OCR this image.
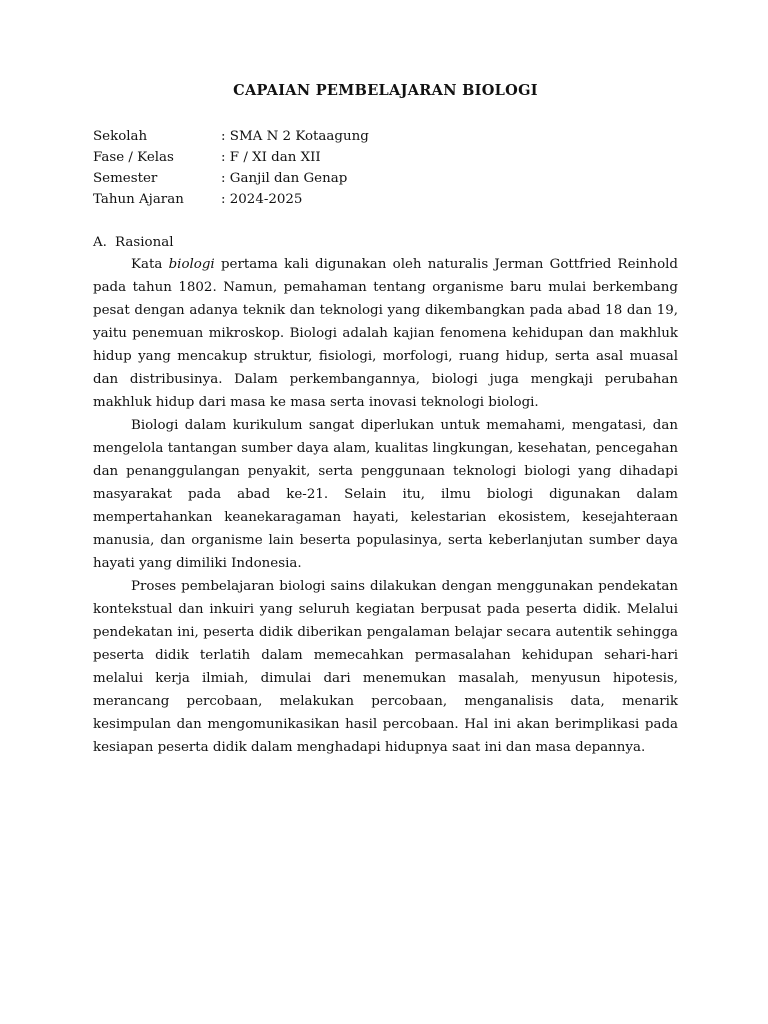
CAPAIAN PEMBELAJARAN BIOLOGI
Sekolah	: SMA N 2 Kotaagung
Fase / Kelas	: F / XI dan XII
Semester	: Ganjil dan Genap
Tahun Ajaran	: 2024-2025
A. Rasional

Kata biologi pertama kali digunakan oleh naturalis Jerman Gottfried Reinhold pada tahun 1802. Namun, pemahaman tentang organisme baru mulai berkembang pesat dengan adanya teknik dan teknologi yang dikembangkan pada abad 18 dan 19, yaitu penemuan mikroskop. Biologi adalah kajian fenomena kehidupan dan makhluk hidup yang mencakup struktur, fisiologi, morfologi, ruang hidup, serta asal muasal dan distribusinya. Dalam perkembangannya, biologi juga mengkaji perubahan makhluk hidup dari masa ke masa serta inovasi teknologi biologi.

Biologi dalam kurikulum sangat diperlukan untuk memahami, mengatasi, dan mengelola tantangan sumber daya alam, kualitas lingkungan, kesehatan, pencegahan dan penanggulangan penyakit, serta penggunaan teknologi biologi yang dihadapi masyarakat pada abad ke-21. Selain itu, ilmu biologi digunakan dalam mempertahankan keanekaragaman hayati, kelestarian ekosistem, kesejahteraan manusia, dan organisme lain beserta populasinya, serta keberlanjutan sumber daya hayati yang dimiliki Indonesia.

Proses pembelajaran biologi sains dilakukan dengan menggunakan pendekatan kontekstual dan inkuiri yang seluruh kegiatan berpusat pada peserta didik. Melalui pendekatan ini, peserta didik diberikan pengalaman belajar secara autentik sehingga peserta didik terlatih dalam memecahkan permasalahan kehidupan sehari-hari melalui kerja ilmiah, dimulai dari menemukan masalah, menyusun hipotesis, merancang percobaan, melakukan percobaan, menganalisis data, menarik kesimpulan dan mengomunikasikan hasil percobaan. Hal ini akan berimplikasi pada kesiapan peserta didik dalam menghadapi hidupnya saat ini dan masa depannya.
